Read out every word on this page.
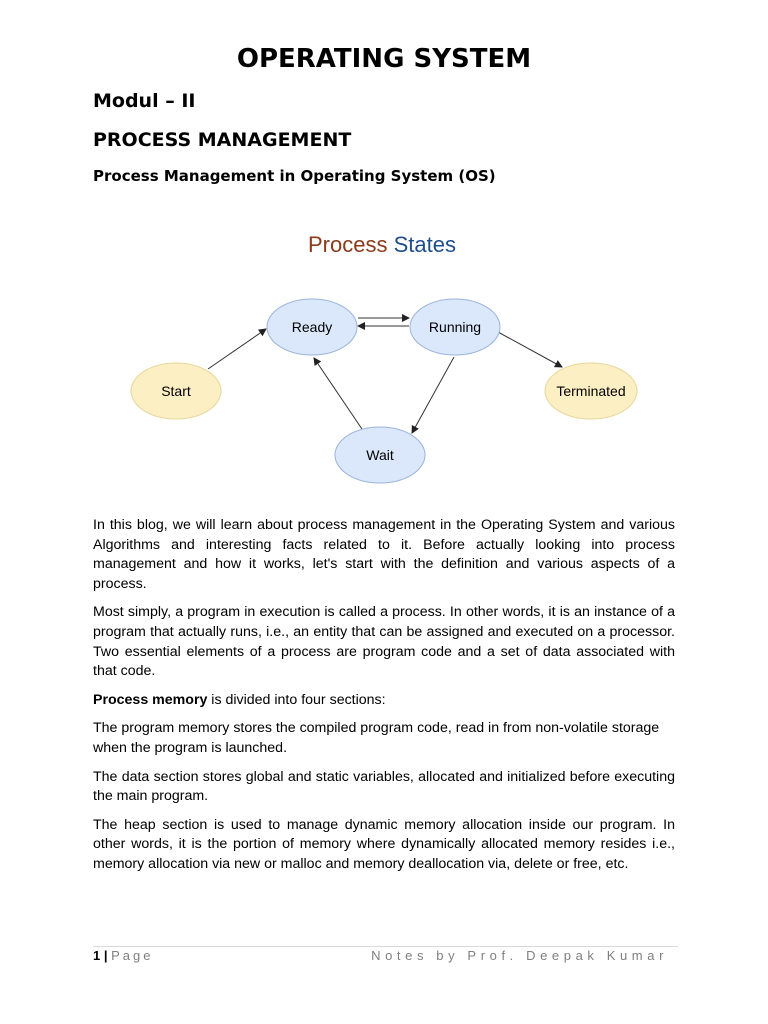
OPERATING SYSTEM
Modul – II
PROCESS MANAGEMENT
Process Management in Operating System (OS)
Process States
Ready	Running
Start	Terminated
Wait

In this blog, we will learn about process management in the Operating System and various Algorithms and interesting facts related to it. Before actually looking into process management and how it works, let's start with the definition and various aspects of a process.

Most simply, a program in execution is called a process. In other words, it is an instance of a program that actually runs, i.e., an entity that can be assigned and executed on a processor. Two essential elements of a process are program code and a set of data associated with that code.

Process memory is divided into four sections:

The program memory stores the compiled program code, read in from non-volatile storage when the program is launched.

The data section stores global and static variables, allocated and initialized before executing the main program.

The heap section is used to manage dynamic memory allocation inside our program. In other words, it is the portion of memory where dynamically allocated memory resides i.e., memory allocation via new or malloc and memory deallocation via, delete or free, etc.

1 | Page	Notes by Prof. Deepak Kumar
